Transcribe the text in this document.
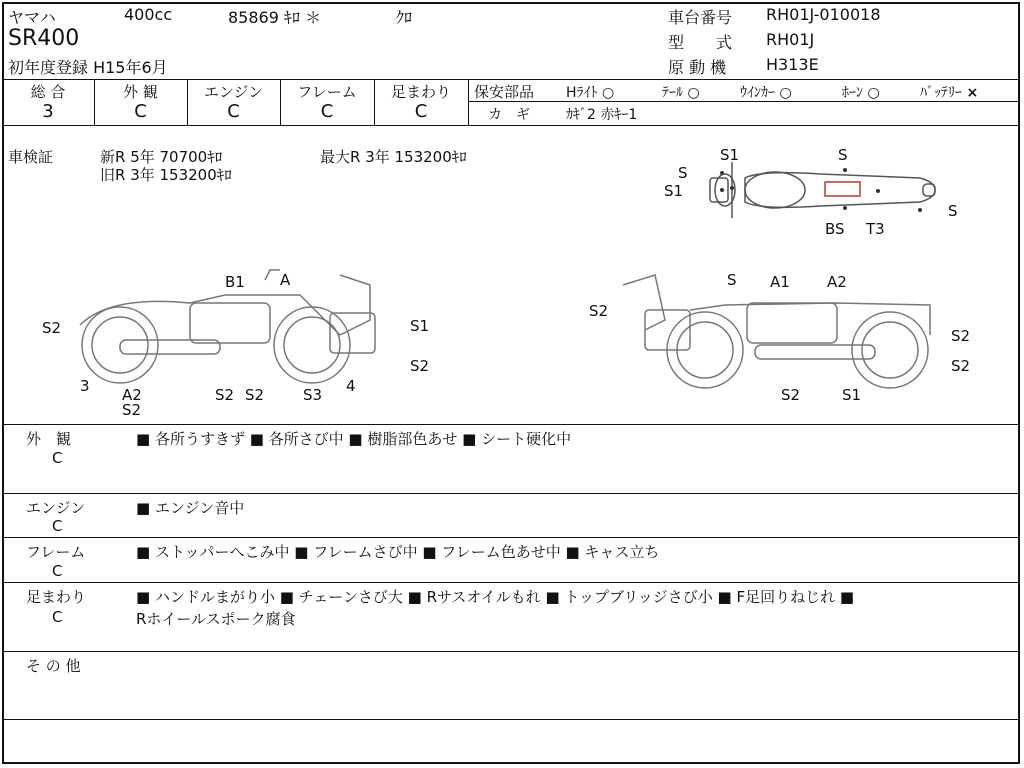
ヤマハ	400cc	85869 ｷﾛ ＊	ｸﾛ
SR400
初年度登録 H15年6月
車台番号 RH01J-010018
型　　式 RH01J
原 動 機 H313E
総 合
3
外 観
C
エンジン
C
フレーム
C
足まわり
C
保安部品 Hﾗｲﾄ ○	ﾃｰﾙ ○	ｳｲﾝｶｰ ○	ﾎｰﾝ ○	ﾊﾞｯﾃﾘｰ ×
カ　ギ	ｶｷﾞ2 赤ｷｰ1
車検証	新R 5年 70700ｷﾛ	最大R 3年 153200ｷﾛ
旧R 3年 153200ｷﾛ
S1
S
S
S1
S
BS T3
B1 A
S2	S1
S2
3	4
A2
S2
S2 S2	S3
S A1 A2
S2
S2
S2
S2	S1
外　観
C
■ 各所うすきず ■ 各所さび中 ■ 樹脂部色あせ ■ シート硬化中
エンジン
C
■ エンジン音中
フレーム
C
■ ストッパーへこみ中 ■ フレームさび中 ■ フレーム色あせ中 ■ キャス立ち
足まわり
C
■ ハンドルまがり小 ■ チェーンさび大 ■ Rサスオイルもれ ■ トップブリッジさび小 ■ F足回りねじれ ■
Rホイールスポーク腐食
そ の 他
